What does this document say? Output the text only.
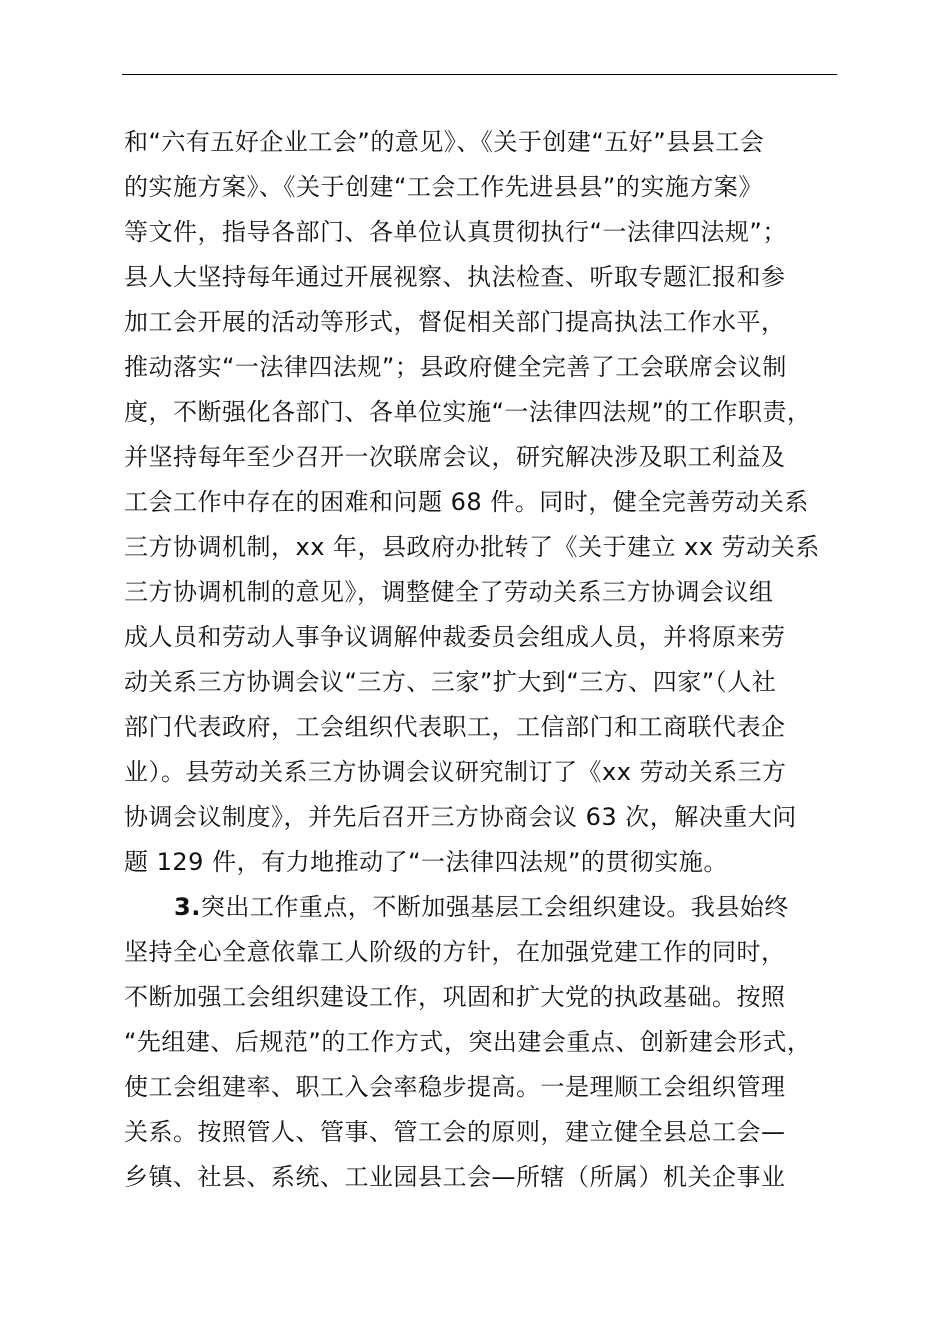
和“六有五好企业工会”的意见》、《关于创建“五好”县县工会
的实施方案》、《关于创建“工会工作先进县县”的实施方案》
等文件，指导各部门、各单位认真贯彻执行“一法律四法规”；
县人大坚持每年通过开展视察、执法检查、听取专题汇报和参
加工会开展的活动等形式，督促相关部门提高执法工作水平，
推动落实“一法律四法规”；县政府健全完善了工会联席会议制
度，不断强化各部门、各单位实施“一法律四法规”的工作职责，
并坚持每年至少召开一次联席会议，研究解决涉及职工利益及
工会工作中存在的困难和问题 68 件。同时，健全完善劳动关系
三方协调机制，xx 年，县政府办批转了《关于建立 xx 劳动关系
三方协调机制的意见》，调整健全了劳动关系三方协调会议组
成人员和劳动人事争议调解仲裁委员会组成人员，并将原来劳
动关系三方协调会议“三方、三家”扩大到“三方、四家”（人社
部门代表政府，工会组织代表职工，工信部门和工商联代表企
业）。县劳动关系三方协调会议研究制订了《xx 劳动关系三方
协调会议制度》，并先后召开三方协商会议 63 次，解决重大问
题 129 件，有力地推动了“一法律四法规”的贯彻实施。
3.突出工作重点，不断加强基层工会组织建设。我县始终
坚持全心全意依靠工人阶级的方针，在加强党建工作的同时，
不断加强工会组织建设工作，巩固和扩大党的执政基础。按照
“先组建、后规范”的工作方式，突出建会重点、创新建会形式，
使工会组建率、职工入会率稳步提高。一是理顺工会组织管理
关系。按照管人、管事、管工会的原则，建立健全县总工会—
乡镇、社县、系统、工业园县工会—所辖（所属）机关企事业
